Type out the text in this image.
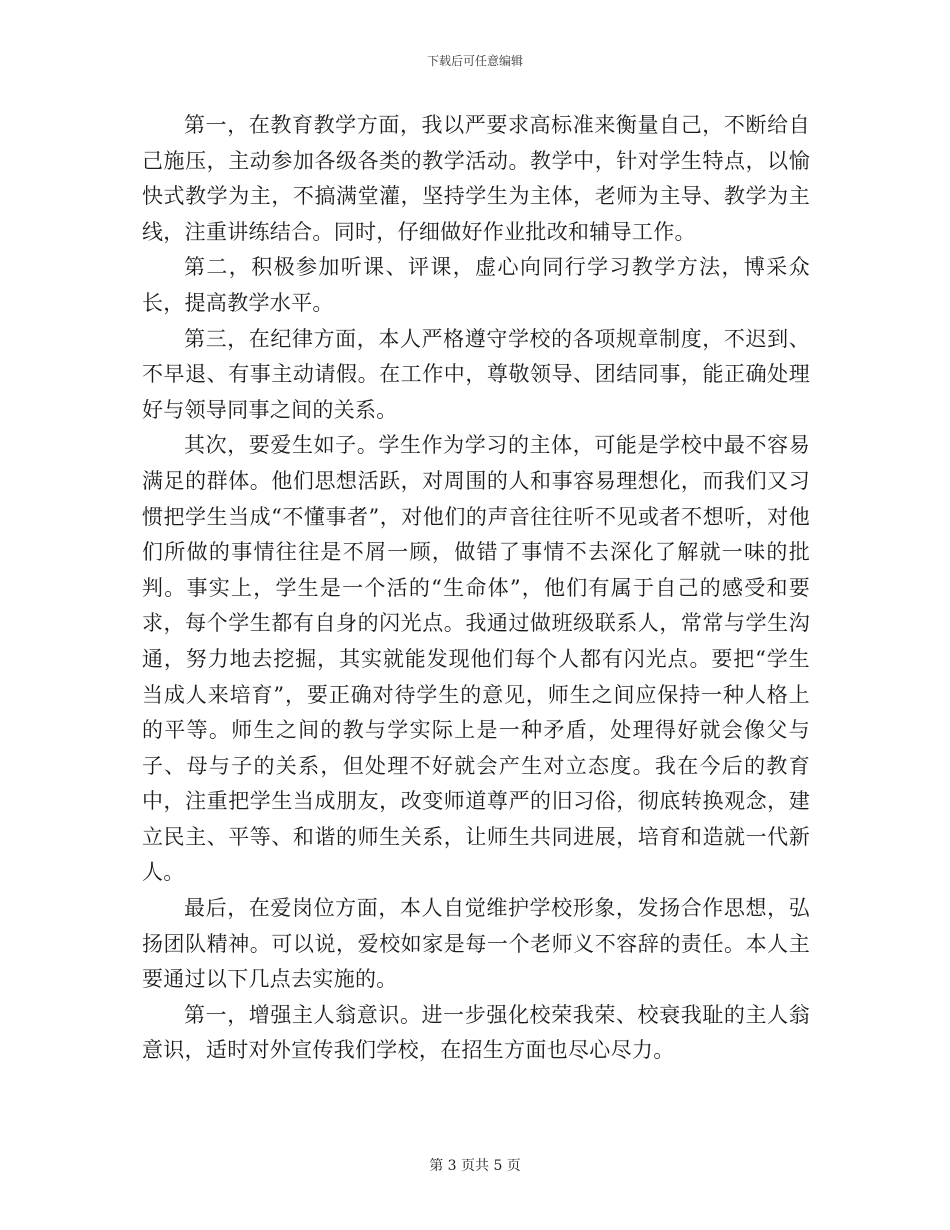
下载后可任意编辑

第一，在教育教学方面，我以严要求高标准来衡量自己，不断给自己施压，主动参加各级各类的教学活动。教学中，针对学生特点，以愉快式教学为主，不搞满堂灌，坚持学生为主体，老师为主导、教学为主线，注重讲练结合。同时，仔细做好作业批改和辅导工作。

第二，积极参加听课、评课，虚心向同行学习教学方法，博采众长，提高教学水平。

第三，在纪律方面，本人严格遵守学校的各项规章制度，不迟到、不早退、有事主动请假。在工作中，尊敬领导、团结同事，能正确处理好与领导同事之间的关系。

其次，要爱生如子。学生作为学习的主体，可能是学校中最不容易满足的群体。他们思想活跃，对周围的人和事容易理想化，而我们又习惯把学生当成“不懂事者”，对他们的声音往往听不见或者不想听，对他们所做的事情往往是不屑一顾，做错了事情不去深化了解就一味的批判。事实上，学生是一个活的“生命体”，他们有属于自己的感受和要求，每个学生都有自身的闪光点。我通过做班级联系人，常常与学生沟通，努力地去挖掘，其实就能发现他们每个人都有闪光点。要把“学生当成人来培育”，要正确对待学生的意见，师生之间应保持一种人格上的平等。师生之间的教与学实际上是一种矛盾，处理得好就会像父与子、母与子的关系，但处理不好就会产生对立态度。我在今后的教育中，注重把学生当成朋友，改变师道尊严的旧习俗，彻底转换观念，建立民主、平等、和谐的师生关系，让师生共同进展，培育和造就一代新人。

最后，在爱岗位方面，本人自觉维护学校形象，发扬合作思想，弘扬团队精神。可以说，爱校如家是每一个老师义不容辞的责任。本人主要通过以下几点去实施的。

第一，增强主人翁意识。进一步强化校荣我荣、校衰我耻的主人翁意识，适时对外宣传我们学校，在招生方面也尽心尽力。

第 3 页共 5 页
